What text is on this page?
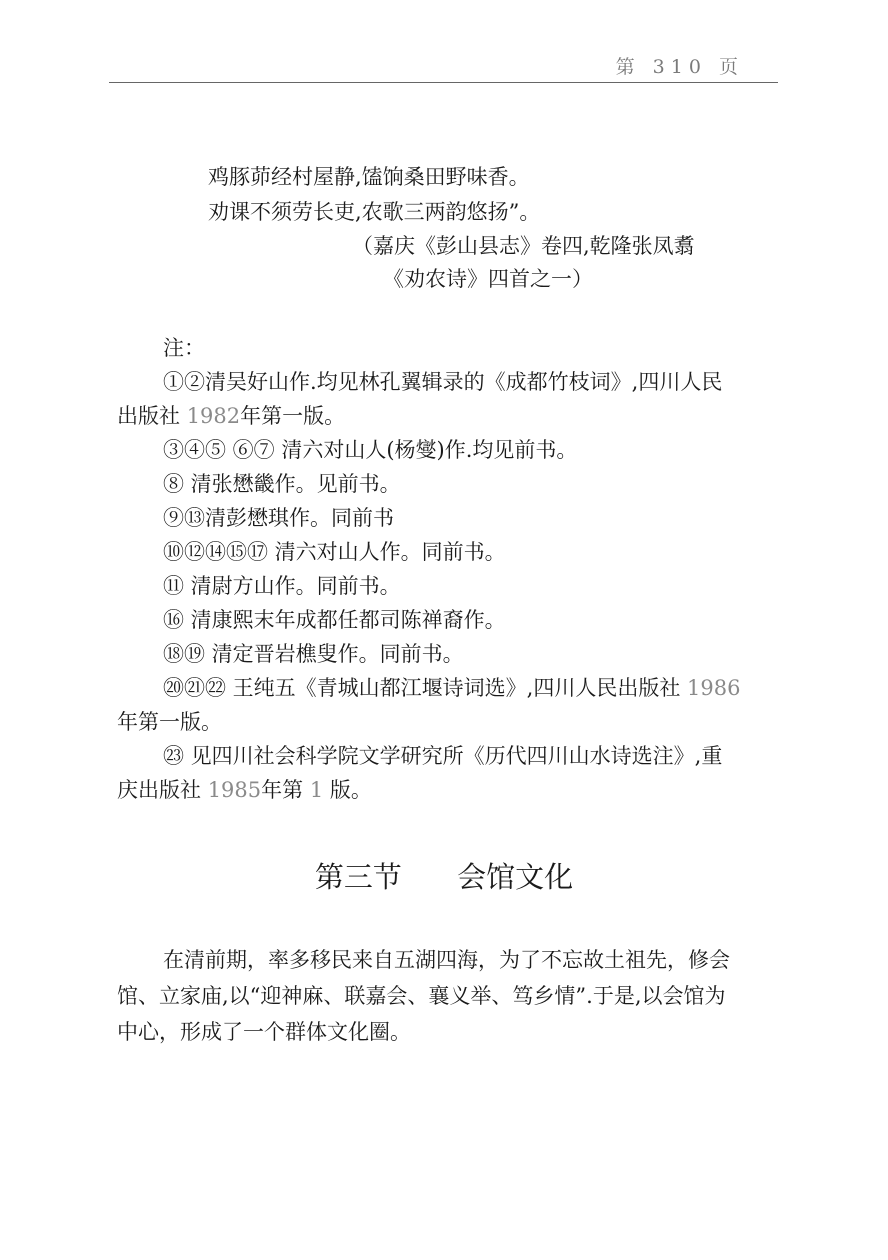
第 310 页
鸡豚茆经村屋静,馌饷桑田野味香。
劝课不须劳长吏,农歌三两韵悠扬”。
（嘉庆《彭山县志》卷四,乾隆张凤翥
《劝农诗》四首之一）
注：
①②清吴好山作.均见林孔翼辑录的《成都竹枝词》,四川人民
出版社 1982年第一版。
③④⑤ ⑥⑦ 清六对山人(杨燮)作.均见前书。
⑧ 清张懋畿作。见前书。
⑨⑬清彭懋琪作。同前书
⑩⑫⑭⑮⑰ 清六对山人作。同前书。
⑪ 清尉方山作。同前书。
⑯ 清康熙末年成都任都司陈禅裔作。
⑱⑲ 清定晋岩樵叟作。同前书。
⑳㉑㉒ 王纯五《青城山都江堰诗词选》,四川人民出版社 1986
年第一版。
㉓ 见四川社会科学院文学研究所《历代四川山水诗选注》,重
庆出版社 1985年第 1 版。
第三节      会馆文化
在清前期，率多移民来自五湖四海，为了不忘故土祖先，修会
馆、立家庙,以“迎神麻、联嘉会、襄义举、笃乡情”.于是,以会馆为
中心，形成了一个群体文化圈。
